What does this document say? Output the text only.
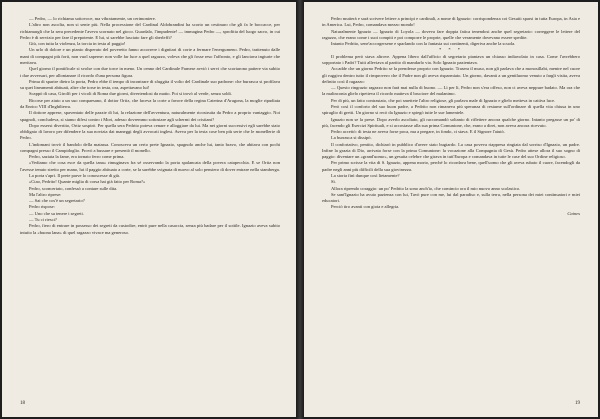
— Pedro, — lo richiama sottovoce, ma vibratamente, un cerimoniere.

L'altro non ascolta, non si sente più. Nella processione del Cardinal Aldobrandini ha scorto un cestinaro che gli fa le boccacce, per richiamargli che la sera precedente l'aveva scornato nel gioco. Guardalo, l'impudente! — immagina Pedro —, sprofitta del luogo sacro, in cui Pedro è di servizio per fare il prepotente. E lui, si sarebbe lasciato fare gli sberleffi?

Giù, con tutta la violenza, la torcia in testa al paggio!

Un urlo di dolore e un pianto disperato del poveretto fanno accorrere i dignitari di corte a fermare l'energumeno. Pedro, trattenuto dalle mani di compagni più forti, non vuol saperne: non volle far luce a quel ragazzo, voleva che gli fosse reso l'affronto, e gli lanciava ingiurie che meritava.

Quel giorno il pontificale si svolse con due torce in meno. Un cenno del Cardinale Farnese avviò i servi che scortarono pattere via subito i due avversari, per allontanare il ricordo d'una persona figura.

Prima di sparire dietro la porta, Pedro ebbe il tempo di incontrare di sfuggita il volto del Cardinale suo padrone: che burrasca si profilava su quei lineamenti abituati, altre che torse in testa, ora, aspettavano lui!

Scappò di casa, Girolfi per i vicoli di Roma due giorni, divertendosi da matto. Poi si trovò al verde, senza soldi.

Ricorse per aiuto a un suo compaesano, il dottor Ortiz, che faceva la corte a favore della regina Caterina d'Aragona, la moglie ripudiata da Enrico VIII d'Inghilterra.

Il dottore apprese, spaventato delle pazzie di lui, la relazione dell'avventura, naturalmente ricostruita da Pedro a proprio vantaggio. Noi spagnoli, concludeva, si siamo difesi contro i Mori, adesso dovremmo sottostare agli schermi dei cristiani?

Dopo essersi divertito, Ortiz sospirò. Per quella sera Pedrito poteva cenare e alloggiare da lui. Ma nei giorni successivi egli sarebbe stato obbligato di lavoro per difendere la sua novizia dai maneggi degli avvocati inglesi. Aveva per la testa cose ben più serie che le monellerie di Pedro.

L'indomani trovò il bandolo della matassa. Conosceva un certo prete Ignazio, spagnolo anche lui, tanto bravo, che abitava con pochi compagni presso il Campidoglio. Provò a bussare e presentò il monello.

Pedro, saziata la fame, era tornato ferro come prima.

«Vediamo che cosa esce da quella tana» rimuginava fra sé osservando la porta spalancata della povera catapecchia. E se Ortiz non l'avesse tenuto stretto per mano, lui il paggio abituato a corte, se la sarebbe svignata di nuovo al solo pensiero di dover entrare nella stamberga.

La porta s'aprì. Il prete parve lo conoscesse di già.

«Ciao, Pedrito! Quante miglia di corsa hai già fatto per Roma?»

Pedro, sconcertato, confessò a contare sulle dita.

Ma l'altro riprese:

— Sai che cos'è un segretario?

Pedro rispose:

— Uno che sa tenere i segreti.

— Tu ci riesci?

Pedro, fiero di entrare in possesso dei segreti da custodire, entrò pure nella casaccia, senza più badare per il sottile. Ignazio aveva subito intuito la «buona lana» di quel ragazzo vivace ma generoso.

18

Pedro mutterà e sarà scrivere lettere a principi e cardinali, a nome di Ignazio: corrispondenza coi Gesuiti sparsi in tutta Europa, in Asia e in America. Lui, Pedro, comandava mezzo mondo!

Naturalmente Ignazio — Ignazio di Loyola — doveva fare doppia fatica tenendosi anche quel segretario: correggere le lettere del ragazzo, che erano come i suoi compiti e poi comporre le proprie, quelle che veramente dovevano essere spedite.

Intanto Pedrito, sene'accorgersene e sparlando con la fantasia sui continenti, digeriva anche la scuola.

* * *

Il problema però stava altrove. Appena libero dall'ufficio di segretario piantava un chiasso indiavolato in casa. Come l'avrebbero sopportato i Padri? Tutti alleviava al partito di mandarlo via. Solo Ignazio pazientava.

Accadde che un giorno Pedrito se la prendesse proprio con Ignazio. Trasera il muso, non gli parlava che a monosillabi, mentre nel cuore gli ruggiva dentro tutto il rimprovero che il Padre non gli aveva risparmiato. Un giorno, davanti a un gentiluomo venuto a fargli visita, aveva definito così il ragazzo:

— Questo ringrazio ragazzo non farà mai nulla di buono. — Lì per lì, Pedro non s'era offeso, non ci aveva neppure badato. Ma ora che la malinconia glielo ripetteva il ricordo matteva il bruciore del malanimo.

Per di più, un fatto contrastato, che poi smettete l'altro religiose, gli parlava male di Ignazio e glielo metteva in cattiva luce.

Però così il conforto del suo buon padre, a Pedrito non rimaneva più speranza di restarne sull'ordinare di quella vita chiusa in uno spiraglio di gretti. Un giorno si recò da Ignazio e spiegò tutte le sue lamentele.

Ignazio non se la prese. Dopo averlo ascoltato, gli raccomandò soltanto di riflettere ancora qualche giorno. Intanto pregasse un po' di più, facendo gli Esercizi Spirituali, e si accostasse alla sua prima Comunione, che, erano a direi, non aveva ancora ricevuto.

Pedro accettò: di testa ne aveva forse poca, ma a pregare, in fondo, ci stava. E il Signore l'aiutò.

La burrasca si dissipò.

Il confortativo, pentito, dichiarò in pubblico d'avere stato bugiardo. La casa poveva riappresa ringiata dal sorriso d'Ignazio, un padre. Infine la grazia di Dio, arrivata forse con la prima Comunione: la vocazione alla Compagnia di Gesù. Pedro attese allora il suo sogno di paggio: diventare un «grand'uomo», un gesuita celebre che girava in tutt'Europa e comandava in tutte le case del suo Ordine religioso.

Per primo scrisse la vita di S. Ignazio, appena morto, perché lo ricordava bene, quell'uomo che gli aveva rubato il cuore, facendogli da padre negli anni più difficili della sua giovinezza.

La storia finì dunque così lietamente?

Sì.

Allora riprendo coraggio: un po' Pedrito la sono anch'io, che comincio ora il mio nuovo anno scolastico.

Se sant'Ignazio ha avuto pazienza con lui, Tavò pure con me, lui dal paradiso e, sulla terra, nella persona dei miei continuatori e miei educatori.

Perciò tiro avanti con gioia e allegria.

Caines

19
